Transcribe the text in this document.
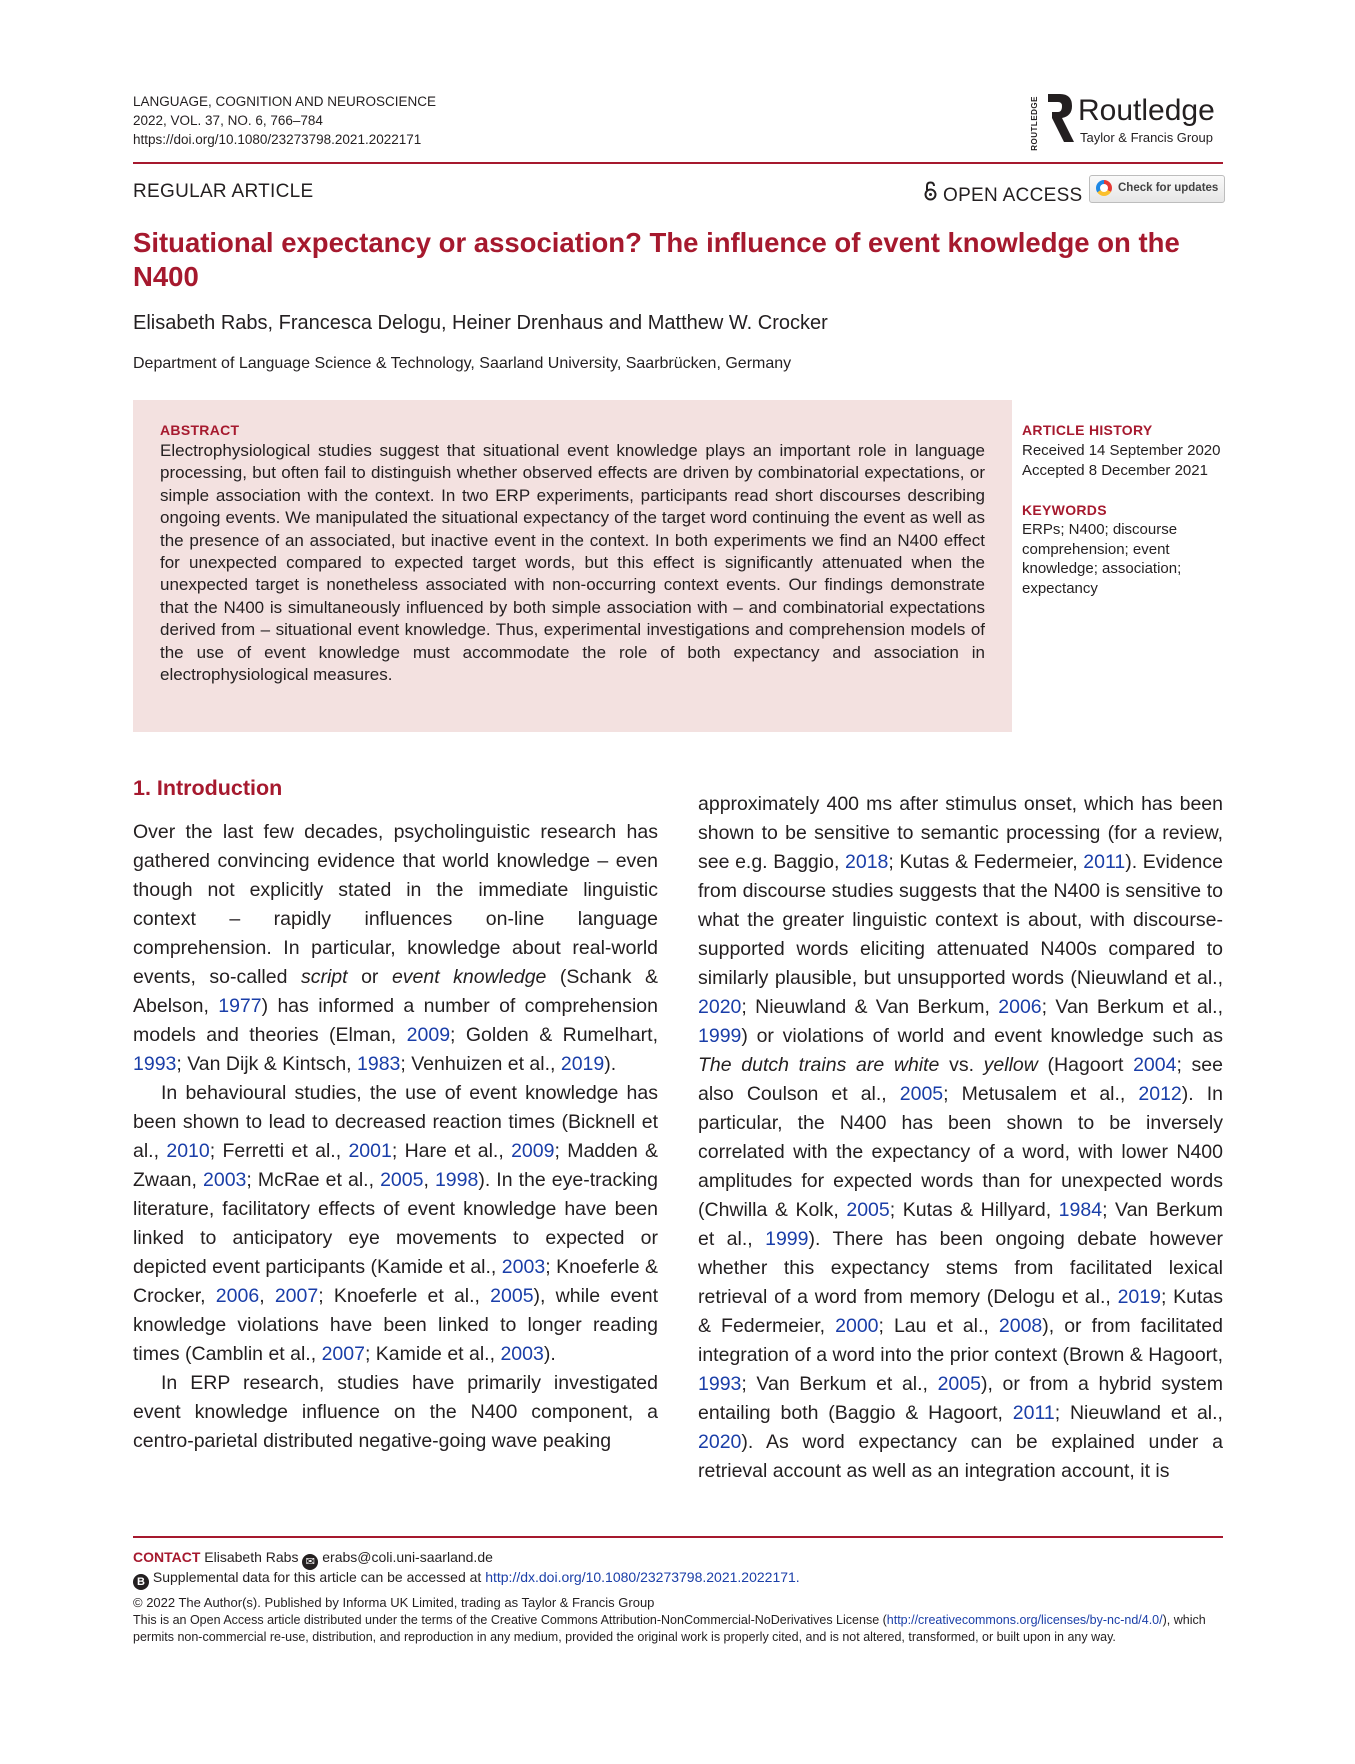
LANGUAGE, COGNITION AND NEUROSCIENCE
2022, VOL. 37, NO. 6, 766–784
https://doi.org/10.1080/23273798.2021.2022171	ROUTLEDGE Routledge
Taylor & Francis Group
REGULAR ARTICLE	OPEN ACCESS	Check for updates
Situational expectancy or association? The influence of event knowledge on the N400
Elisabeth Rabs, Francesca Delogu, Heiner Drenhaus and Matthew W. Crocker
Department of Language Science & Technology, Saarland University, Saarbrücken, Germany
ABSTRACT
Electrophysiological studies suggest that situational event knowledge plays an important role in language processing, but often fail to distinguish whether observed effects are driven by combinatorial expectations, or simple association with the context. In two ERP experiments, participants read short discourses describing ongoing events. We manipulated the situational expectancy of the target word continuing the event as well as the presence of an associated, but inactive event in the context. In both experiments we find an N400 effect for unexpected compared to expected target words, but this effect is significantly attenuated when the unexpected target is nonetheless associated with non-occurring context events. Our findings demonstrate that the N400 is simultaneously influenced by both simple association with – and combinatorial expectations derived from – situational event knowledge. Thus, experimental investigations and comprehension models of the use of event knowledge must accommodate the role of both expectancy and association in electrophysiological measures.
ARTICLE HISTORY
Received 14 September 2020
Accepted 8 December 2021
KEYWORDS
ERPs; N400; discourse comprehension; event knowledge; association; expectancy
1. Introduction

Over the last few decades, psycholinguistic research has gathered convincing evidence that world knowledge – even though not explicitly stated in the immediate linguistic context – rapidly influences on-line language comprehension. In particular, knowledge about real-world events, so-called script or event knowledge (Schank & Abelson, 1977) has informed a number of comprehension models and theories (Elman, 2009; Golden & Rumelhart, 1993; Van Dijk & Kintsch, 1983; Venhuizen et al., 2019).

In behavioural studies, the use of event knowledge has been shown to lead to decreased reaction times (Bicknell et al., 2010; Ferretti et al., 2001; Hare et al., 2009; Madden & Zwaan, 2003; McRae et al., 2005, 1998). In the eye-tracking literature, facilitatory effects of event knowledge have been linked to anticipatory eye movements to expected or depicted event participants (Kamide et al., 2003; Knoeferle & Crocker, 2006, 2007; Knoeferle et al., 2005), while event knowledge violations have been linked to longer reading times (Camblin et al., 2007; Kamide et al., 2003).

In ERP research, studies have primarily investigated event knowledge influence on the N400 component, a centro-parietal distributed negative-going wave peaking

approximately 400 ms after stimulus onset, which has been shown to be sensitive to semantic processing (for a review, see e.g. Baggio, 2018; Kutas & Federmeier, 2011). Evidence from discourse studies suggests that the N400 is sensitive to what the greater linguistic context is about, with discourse-supported words eliciting attenuated N400s compared to similarly plausible, but unsupported words (Nieuwland et al., 2020; Nieuwland & Van Berkum, 2006; Van Berkum et al., 1999) or violations of world and event knowledge such as The dutch trains are white vs. yellow (Hagoort 2004; see also Coulson et al., 2005; Metusalem et al., 2012). In particular, the N400 has been shown to be inversely correlated with the expectancy of a word, with lower N400 amplitudes for expected words than for unexpected words (Chwilla & Kolk, 2005; Kutas & Hillyard, 1984; Van Berkum et al., 1999). There has been ongoing debate however whether this expectancy stems from facilitated lexical retrieval of a word from memory (Delogu et al., 2019; Kutas & Federmeier, 2000; Lau et al., 2008), or from facilitated integration of a word into the prior context (Brown & Hagoort, 1993; Van Berkum et al., 2005), or from a hybrid system entailing both (Baggio & Hagoort, 2011; Nieuwland et al., 2020). As word expectancy can be explained under a retrieval account as well as an integration account, it is

CONTACT Elisabeth Rabs ✉ erabs@coli.uni-saarland.de
B Supplemental data for this article can be accessed at http://dx.doi.org/10.1080/23273798.2021.2022171.
© 2022 The Author(s). Published by Informa UK Limited, trading as Taylor & Francis Group
This is an Open Access article distributed under the terms of the Creative Commons Attribution-NonCommercial-NoDerivatives License (http://creativecommons.org/licenses/by-nc-nd/4.0/), which permits non-commercial re-use, distribution, and reproduction in any medium, provided the original work is properly cited, and is not altered, transformed, or built upon in any way.
